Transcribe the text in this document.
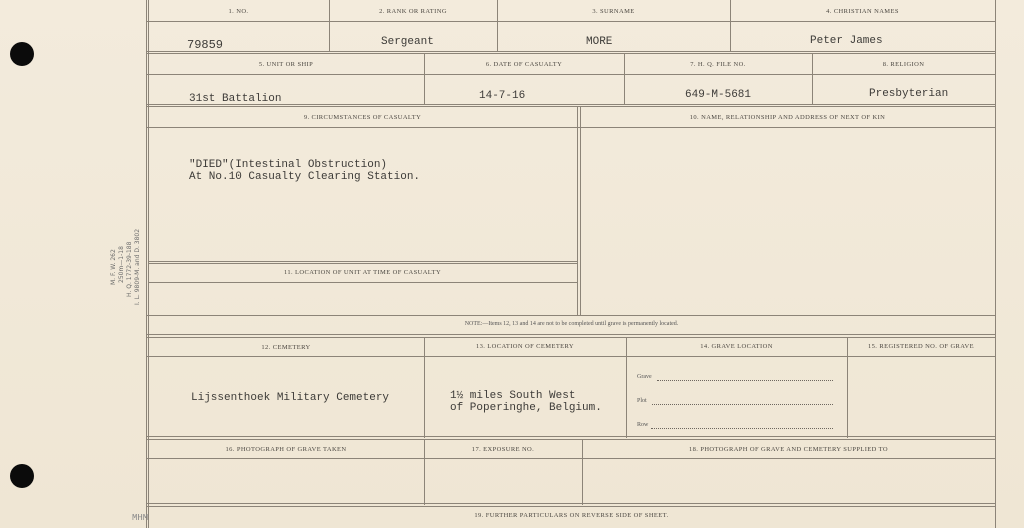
M. F. W. 262 250m—1-18 H. Q. 1772-39-188 I. L. 9809-M. and D. 3802
1. NO.	2. RANK OR RATING	3. SURNAME	4. CHRISTIAN NAMES
79859	Sergeant	MORE	Peter James
5. UNIT OR SHIP	6. DATE OF CASUALTY	7. H. Q. FILE NO.	8. RELIGION
31st Battalion	14-7-16	649-M-5681	Presbyterian
9. CIRCUMSTANCES OF CASUALTY	10. NAME, RELATIONSHIP AND ADDRESS OF NEXT OF KIN
"DIED"(Intestinal Obstruction)
At No.10 Casualty Clearing Station.
11. LOCATION OF UNIT AT TIME OF CASUALTY
NOTE:—Items 12, 13 and 14 are not to be completed until grave is permanently located.
12. CEMETERY	13. LOCATION OF CEMETERY	14. GRAVE LOCATION	15. REGISTERED NO. OF GRAVE
Lijssenthoek Military Cemetery	1½ miles South West
of Poperinghe, Belgium.
Grave
Plot
Row
16. PHOTOGRAPH OF GRAVE TAKEN	17. EXPOSURE NO.	18. PHOTOGRAPH OF GRAVE AND CEMETERY SUPPLIED TO
19. FURTHER PARTICULARS ON REVERSE SIDE OF SHEET.
MHM
